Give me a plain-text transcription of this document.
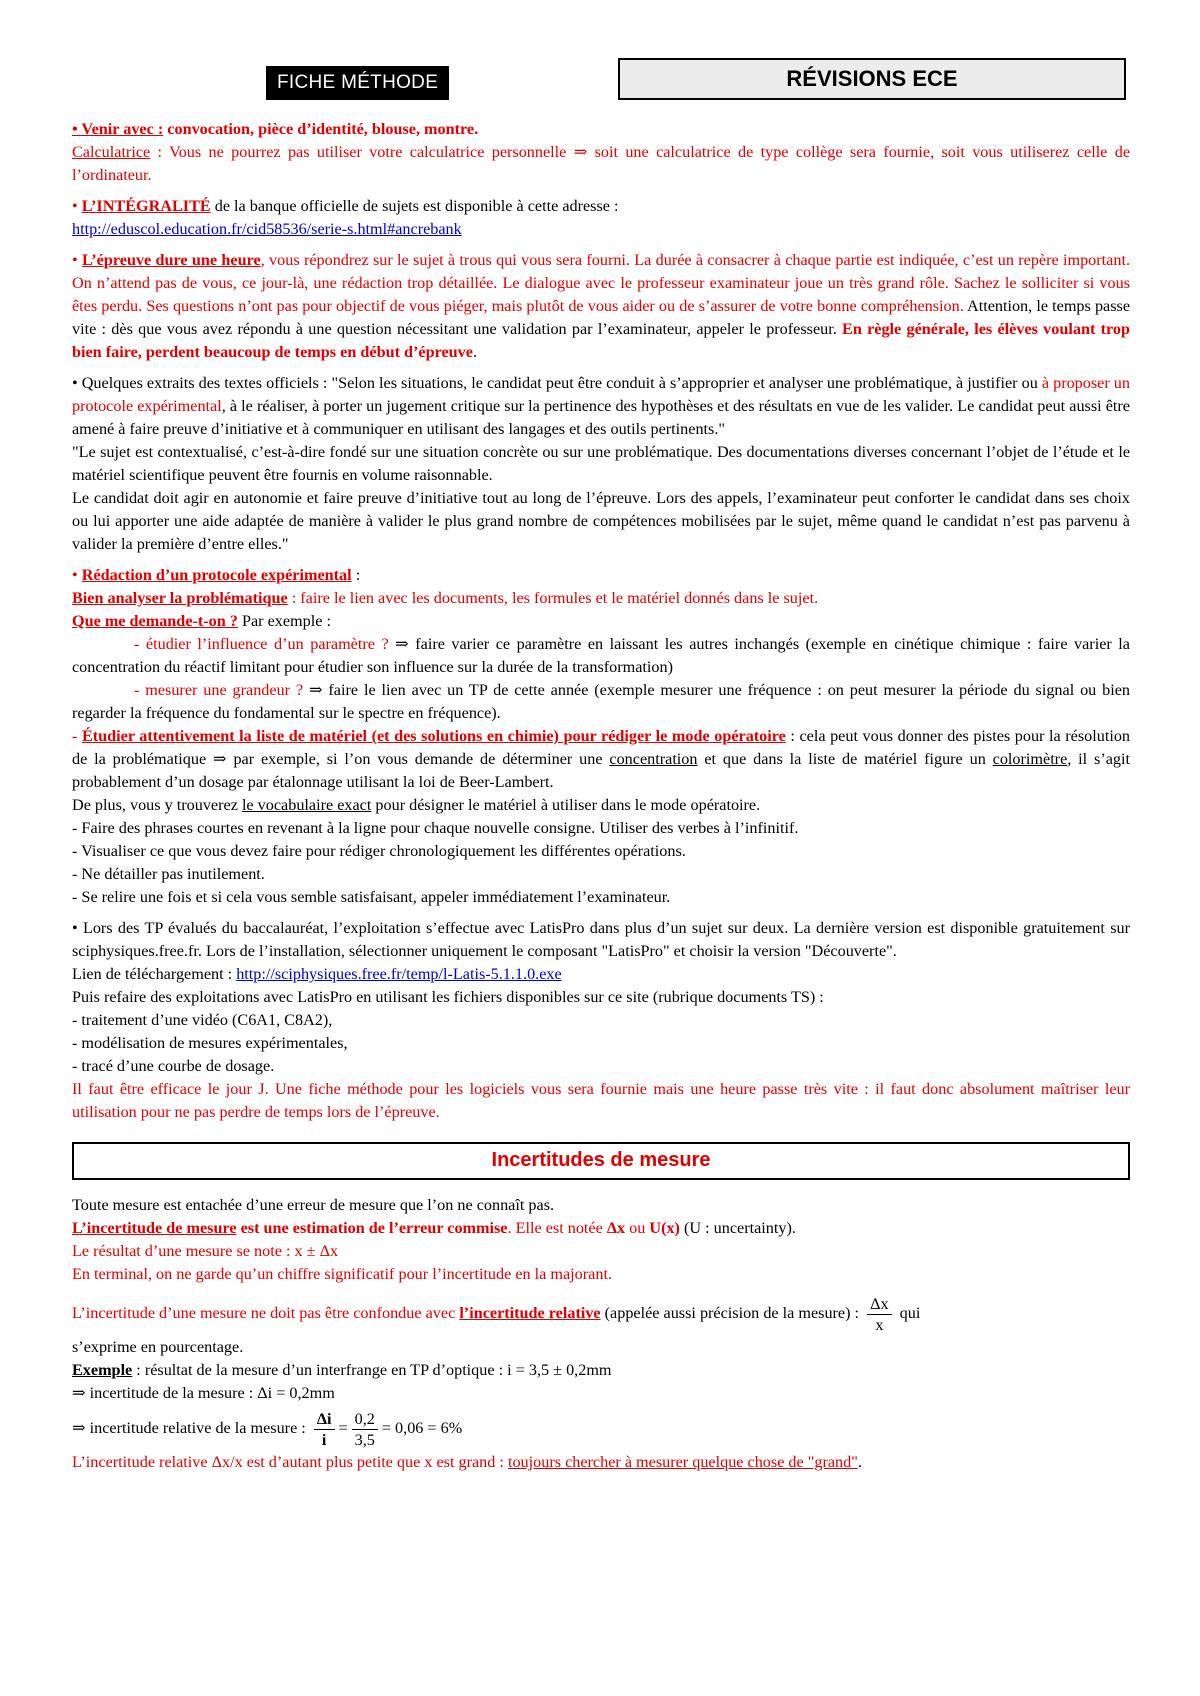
FICHE MÉTHODE	RÉVISIONS ECE

• Venir avec : convocation, pièce d’identité, blouse, montre.

Calculatrice : Vous ne pourrez pas utiliser votre calculatrice personnelle ⇒ soit une calculatrice de type collège sera fournie, soit vous utiliserez celle de l’ordinateur.

• L’INTÉGRALITÉ de la banque officielle de sujets est disponible à cette adresse :

http://eduscol.education.fr/cid58536/serie-s.html#ancrebank

• L’épreuve dure une heure, vous répondrez sur le sujet à trous qui vous sera fourni. La durée à consacrer à chaque partie est indiquée, c’est un repère important. On n’attend pas de vous, ce jour-là, une rédaction trop détaillée. Le dialogue avec le professeur examinateur joue un très grand rôle. Sachez le solliciter si vous êtes perdu. Ses questions n’ont pas pour objectif de vous piéger, mais plutôt de vous aider ou de s’assurer de votre bonne compréhension. Attention, le temps passe vite : dès que vous avez répondu à une question nécessitant une validation par l’examinateur, appeler le professeur. En règle générale, les élèves voulant trop bien faire, perdent beaucoup de temps en début d’épreuve.

• Quelques extraits des textes officiels : "Selon les situations, le candidat peut être conduit à s’approprier et analyser une problématique, à justifier ou à proposer un protocole expérimental, à le réaliser, à porter un jugement critique sur la pertinence des hypothèses et des résultats en vue de les valider. Le candidat peut aussi être amené à faire preuve d’initiative et à communiquer en utilisant des langages et des outils pertinents."

"Le sujet est contextualisé, c’est-à-dire fondé sur une situation concrète ou sur une problématique. Des documentations diverses concernant l’objet de l’étude et le matériel scientifique peuvent être fournis en volume raisonnable.

Le candidat doit agir en autonomie et faire preuve d’initiative tout au long de l’épreuve. Lors des appels, l’examinateur peut conforter le candidat dans ses choix ou lui apporter une aide adaptée de manière à valider le plus grand nombre de compétences mobilisées par le sujet, même quand le candidat n’est pas parvenu à valider la première d’entre elles."

• Rédaction d’un protocole expérimental :

Bien analyser la problématique : faire le lien avec les documents, les formules et le matériel donnés dans le sujet.

Que me demande-t-on ? Par exemple :

- étudier l’influence d’un paramètre ? ⇒ faire varier ce paramètre en laissant les autres inchangés (exemple en cinétique chimique : faire varier la concentration du réactif limitant pour étudier son influence sur la durée de la transformation)

- mesurer une grandeur ? ⇒ faire le lien avec un TP de cette année (exemple mesurer une fréquence : on peut mesurer la période du signal ou bien regarder la fréquence du fondamental sur le spectre en fréquence).

- Étudier attentivement la liste de matériel (et des solutions en chimie) pour rédiger le mode opératoire : cela peut vous donner des pistes pour la résolution de la problématique ⇒ par exemple, si l’on vous demande de déterminer une concentration et que dans la liste de matériel figure un colorimètre, il s’agit probablement d’un dosage par étalonnage utilisant la loi de Beer-Lambert.

De plus, vous y trouverez le vocabulaire exact pour désigner le matériel à utiliser dans le mode opératoire.

- Faire des phrases courtes en revenant à la ligne pour chaque nouvelle consigne. Utiliser des verbes à l’infinitif.

- Visualiser ce que vous devez faire pour rédiger chronologiquement les différentes opérations.

- Ne détailler pas inutilement.

- Se relire une fois et si cela vous semble satisfaisant, appeler immédiatement l’examinateur.

• Lors des TP évalués du baccalauréat, l’exploitation s’effectue avec LatisPro dans plus d’un sujet sur deux. La dernière version est disponible gratuitement sur sciphysiques.free.fr. Lors de l’installation, sélectionner uniquement le composant "LatisPro" et choisir la version "Découverte".

Lien de téléchargement : http://sciphysiques.free.fr/temp/l-Latis-5.1.1.0.exe

Puis refaire des exploitations avec LatisPro en utilisant les fichiers disponibles sur ce site (rubrique documents TS) :

- traitement d’une vidéo (C6A1, C8A2),

- modélisation de mesures expérimentales,

- tracé d’une courbe de dosage.

Il faut être efficace le jour J. Une fiche méthode pour les logiciels vous sera fournie mais une heure passe très vite : il faut donc absolument maîtriser leur utilisation pour ne pas perdre de temps lors de l’épreuve.

Incertitudes de mesure

Toute mesure est entachée d’une erreur de mesure que l’on ne connaît pas.

L’incertitude de mesure est une estimation de l’erreur commise. Elle est notée Δx ou U(x) (U : uncertainty).

Le résultat d’une mesure se note : x ± Δx

En terminal, on ne garde qu’un chiffre significatif pour l’incertitude en la majorant.

L’incertitude d’une mesure ne doit pas être confondue avec l’incertitude relative (appelée aussi précision de la mesure) : $\frac{\Delta x}{x}$ qui

s’exprime en pourcentage.

Exemple : résultat de la mesure d’un interfrange en TP d’optique : i = 3,5 ± 0,2mm

⇒ incertitude de la mesure : Δi = 0,2mm

⇒ incertitude relative de la mesure : $\frac{\Delta i}{i} = \frac{0,2}{3,5} = 0,06 = 6\%$

L’incertitude relative Δx/x est d’autant plus petite que x est grand : toujours chercher à mesurer quelque chose de "grand".
